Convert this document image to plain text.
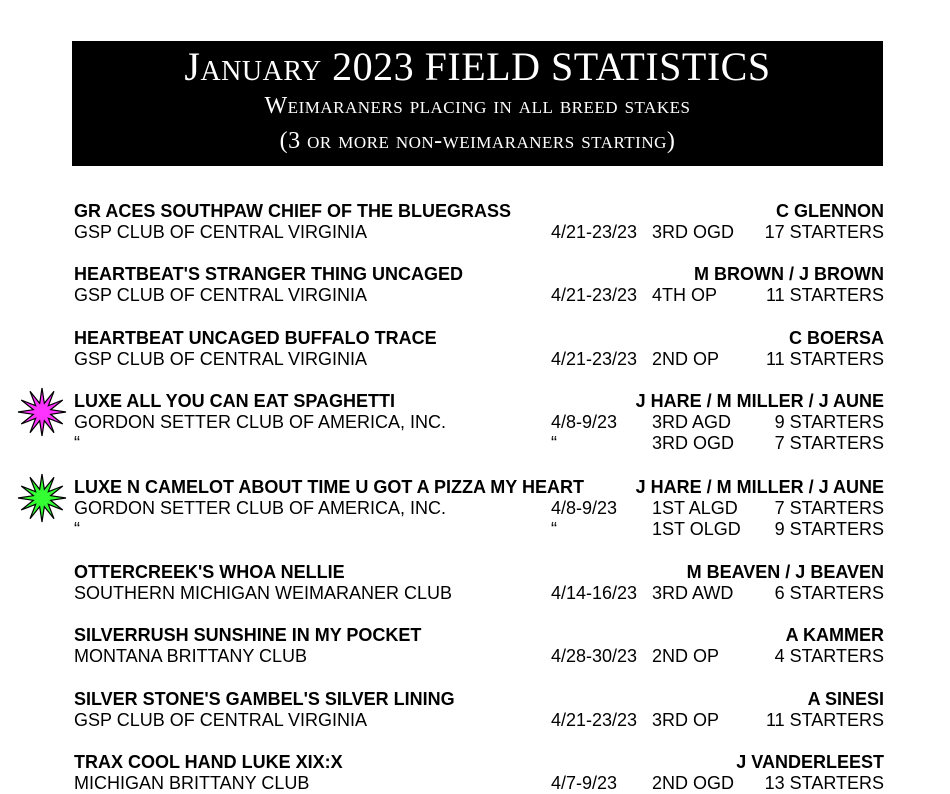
January 2023 FIELD STATISTICS
Weimaraners placing in all breed stakes
(3 or more non-weimaraners starting)
GR ACES SOUTHPAW CHIEF OF THE BLUEGRASS	C GLENNON
GSP CLUB OF CENTRAL VIRGINIA	4/21-23/23 3RD OGD 17 STARTERS
HEARTBEAT'S STRANGER THING UNCAGED	M BROWN / J BROWN
GSP CLUB OF CENTRAL VIRGINIA	4/21-23/23 4TH OP	11 STARTERS
HEARTBEAT UNCAGED BUFFALO TRACE	C BOERSA
GSP CLUB OF CENTRAL VIRGINIA	4/21-23/23 2ND OP	11 STARTERS
LUXE ALL YOU CAN EAT SPAGHETTI	J HARE / M MILLER / J AUNE
GORDON SETTER CLUB OF AMERICA, INC.	4/8-9/23 3RD AGD 9 STARTERS
“	“	3RD OGD 7 STARTERS
LUXE N CAMELOT ABOUT TIME U GOT A PIZZA MY HEART	J HARE / M MILLER / J AUNE
GORDON SETTER CLUB OF AMERICA, INC.	4/8-9/23 1ST ALGD 7 STARTERS
“	“	1ST OLGD 9 STARTERS
OTTERCREEK'S WHOA NELLIE	M BEAVEN / J BEAVEN
SOUTHERN MICHIGAN WEIMARANER CLUB	4/14-16/23 3RD AWD 6 STARTERS
SILVERRUSH SUNSHINE IN MY POCKET	A KAMMER
MONTANA BRITTANY CLUB	4/28-30/23 2ND OP	4 STARTERS
SILVER STONE'S GAMBEL'S SILVER LINING	A SINESI
GSP CLUB OF CENTRAL VIRGINIA	4/21-23/23 3RD OP	11 STARTERS
TRAX COOL HAND LUKE XIX:X	J VANDERLEEST
MICHIGAN BRITTANY CLUB	4/7-9/23 2ND OGD 13 STARTERS
